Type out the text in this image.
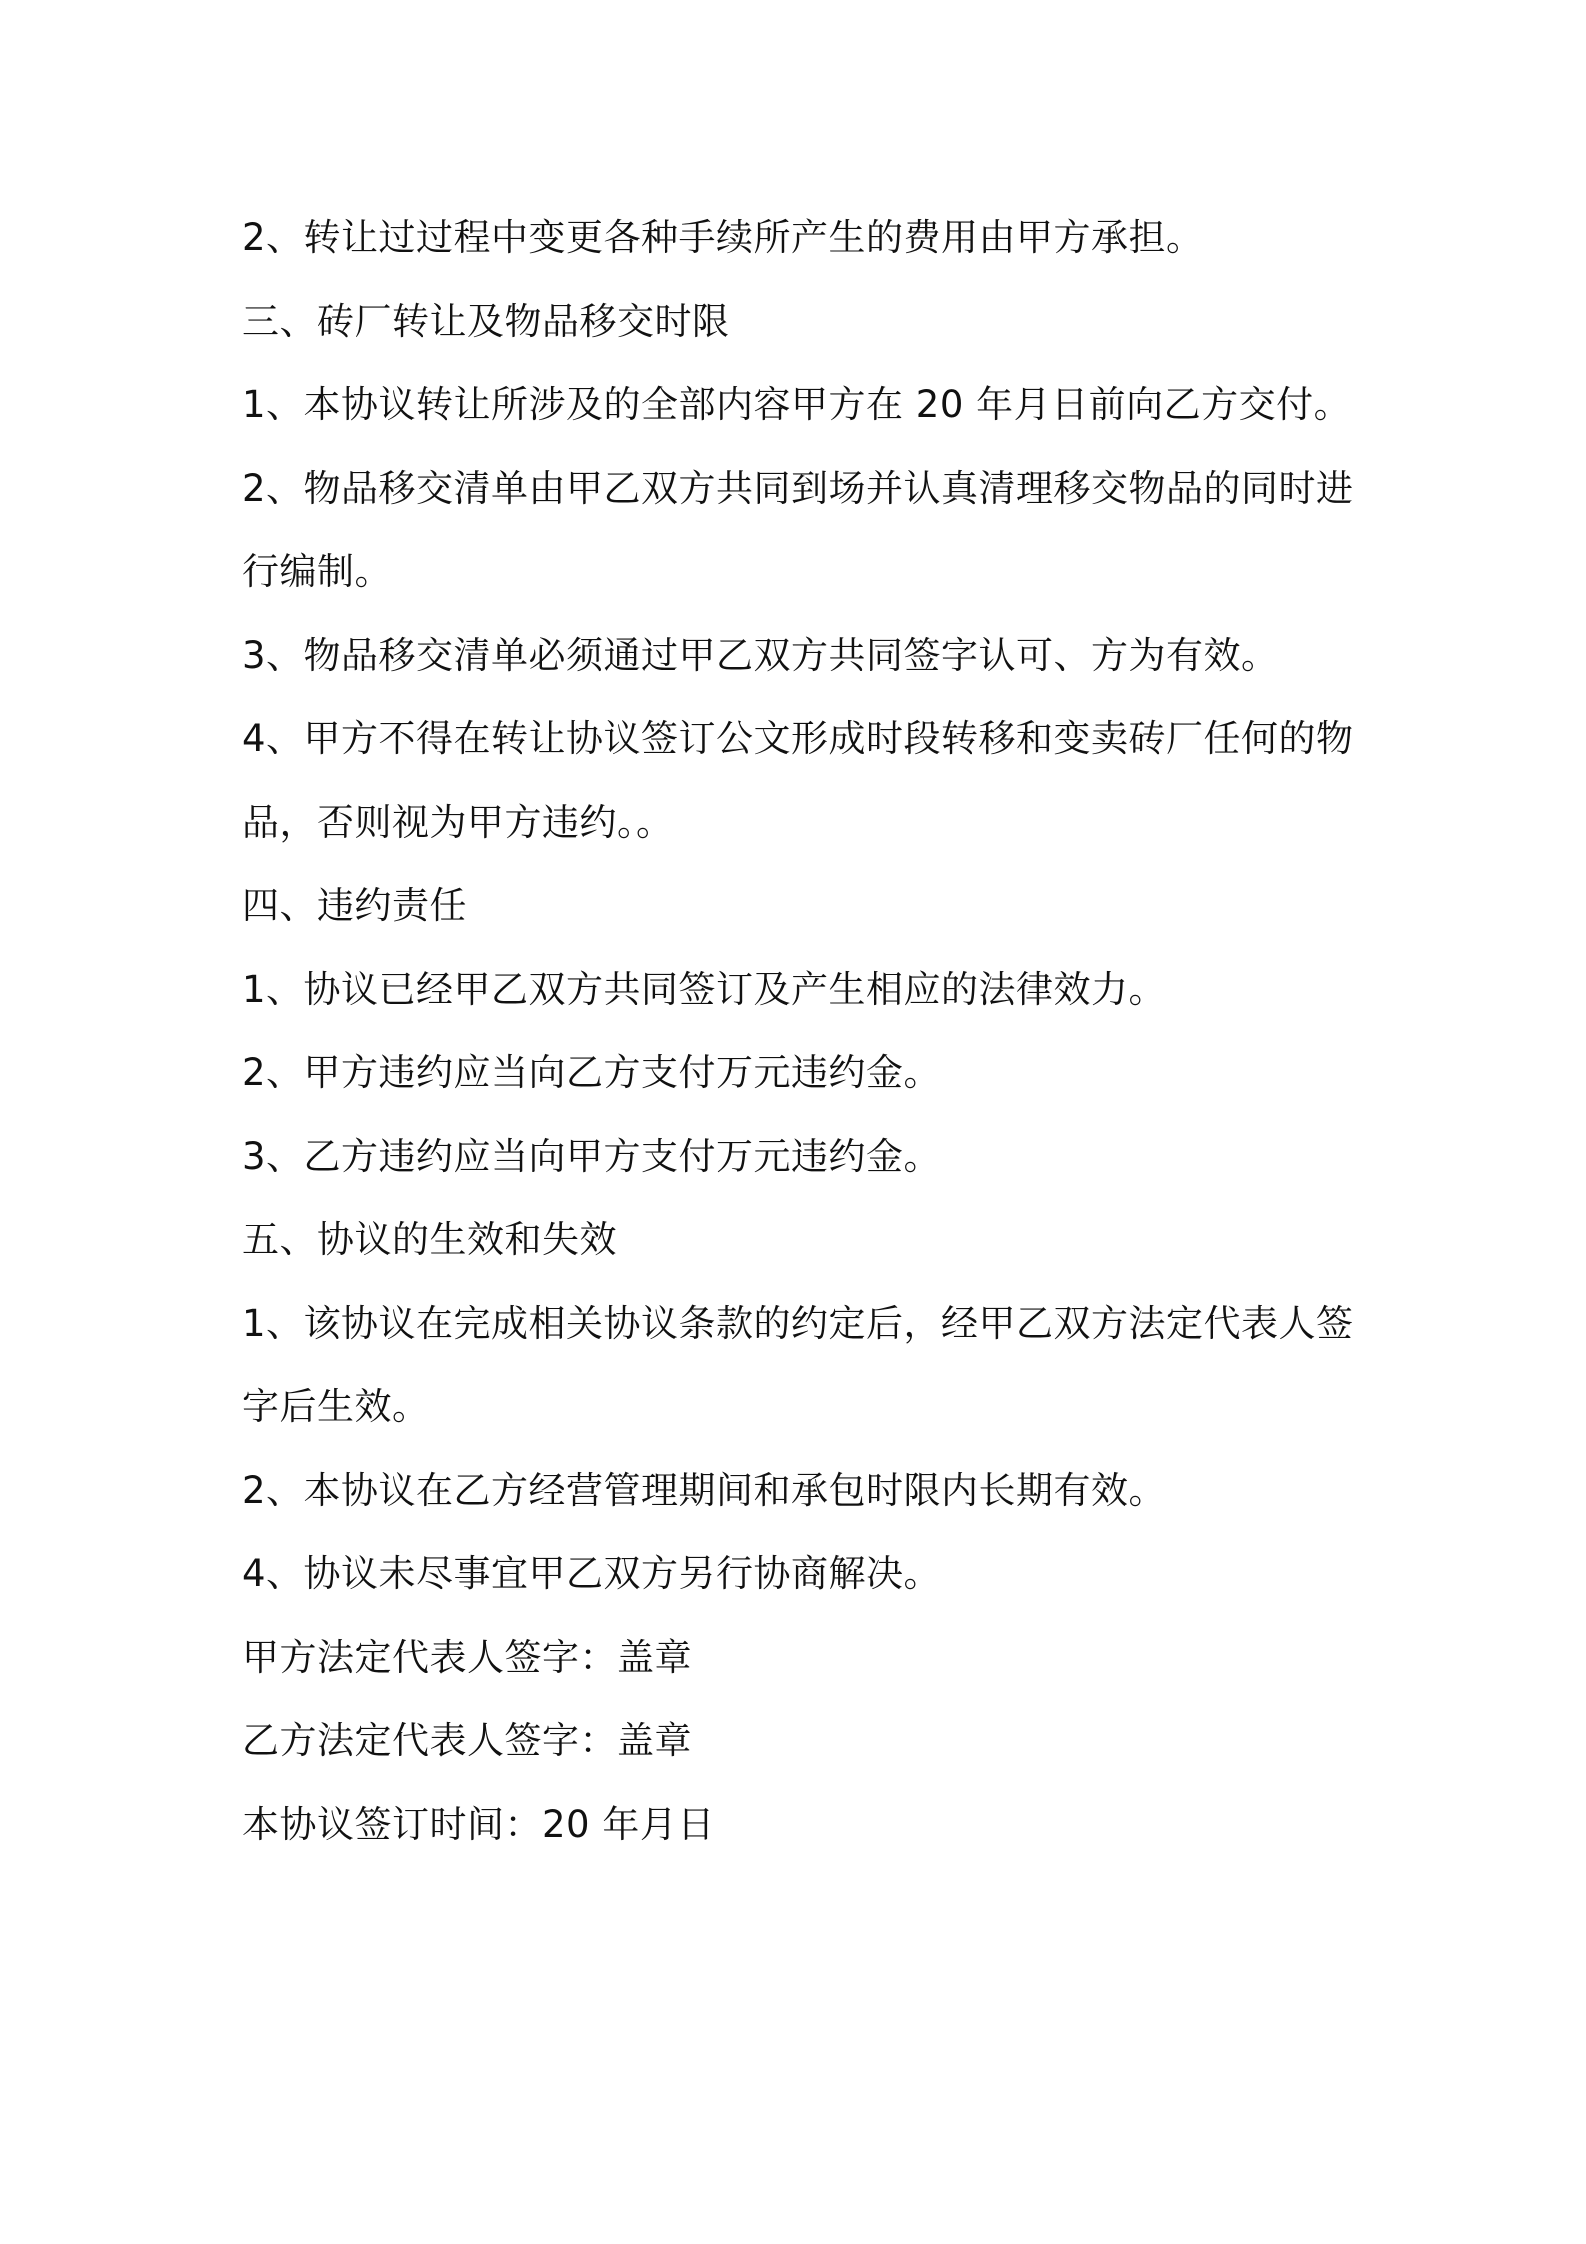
2、转让过过程中变更各种手续所产生的费用由甲方承担。
三、砖厂转让及物品移交时限
1、本协议转让所涉及的全部内容甲方在 20 年月日前向乙方交付。
2、物品移交清单由甲乙双方共同到场并认真清理移交物品的同时进
行编制。
3、物品移交清单必须通过甲乙双方共同签字认可、方为有效。
4、甲方不得在转让协议签订公文形成时段转移和变卖砖厂任何的物
品，否则视为甲方违约。。
四、违约责任
1、协议已经甲乙双方共同签订及产生相应的法律效力。
2、甲方违约应当向乙方支付万元违约金。
3、乙方违约应当向甲方支付万元违约金。
五、协议的生效和失效
1、该协议在完成相关协议条款的约定后，经甲乙双方法定代表人签
字后生效。
2、本协议在乙方经营管理期间和承包时限内长期有效。
4、协议未尽事宜甲乙双方另行协商解决。
甲方法定代表人签字：盖章
乙方法定代表人签字：盖章
本协议签订时间：20 年月日
